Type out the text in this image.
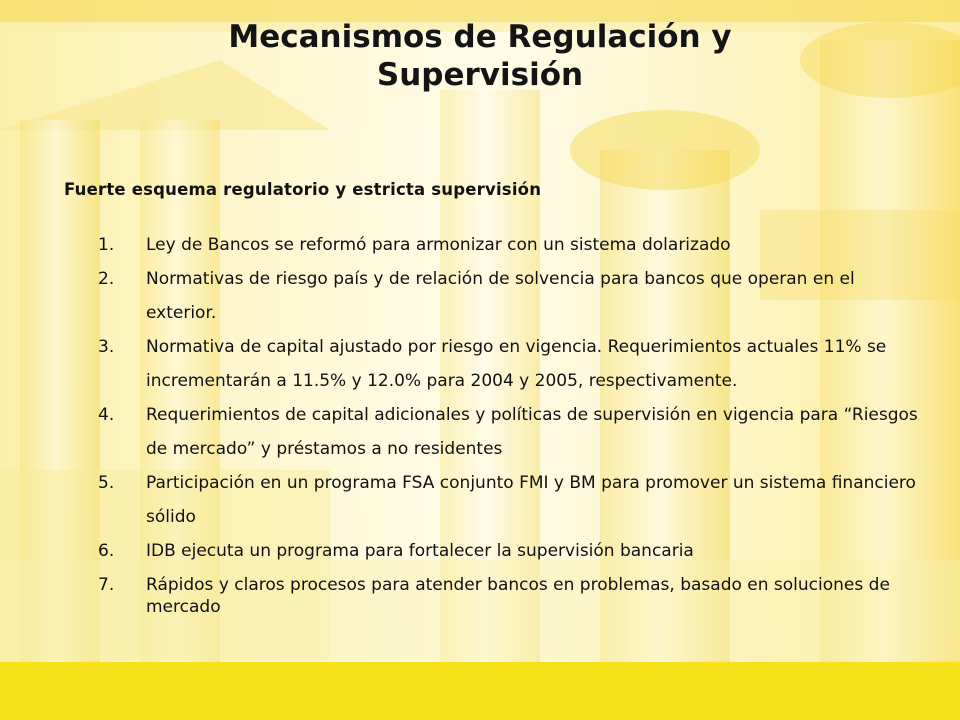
Mecanismos de Regulación y
Supervisión
Fuerte esquema regulatorio y estricta supervisión
1.	Ley de Bancos se reformó para armonizar con un sistema dolarizado
2.	Normativas de riesgo país y de relación de solvencia para bancos que operan en el exterior.
3.	Normativa de capital ajustado por riesgo en vigencia. Requerimientos actuales 11% se incrementarán a 11.5% y 12.0% para 2004 y 2005, respectivamente.
4.	Requerimientos de capital adicionales y políticas de supervisión en vigencia para “Riesgos de mercado” y préstamos a no residentes
5.	Participación en un programa FSA conjunto FMI y BM para promover un sistema financiero sólido
6.	IDB ejecuta un programa para fortalecer la supervisión bancaria
7.	Rápidos y claros procesos para atender bancos en problemas, basado en soluciones de mercado
